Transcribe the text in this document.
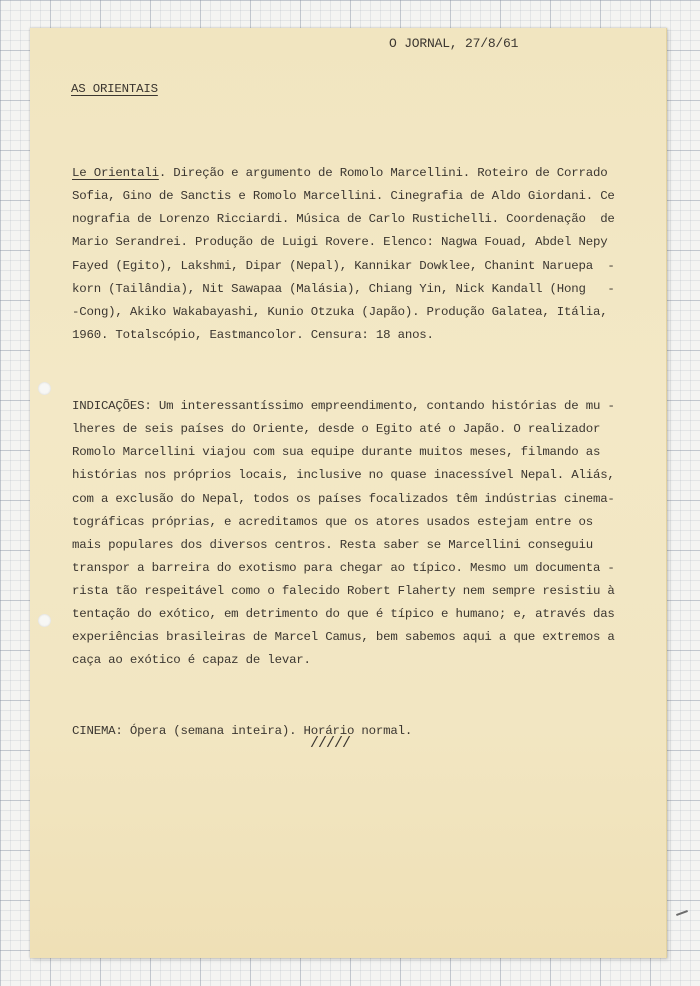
O JORNAL, 27/8/61
AS ORIENTAIS

Le Orientali. Direção e argumento de Romolo Marcellini. Roteiro de Corrado
Sofia, Gino de Sanctis e Romolo Marcellini. Cinegrafia de Aldo Giordani. Ce
nografia de Lorenzo Ricciardi. Música de Carlo Rustichelli. Coordenação  de
Mario Serandrei. Produção de Luigi Rovere. Elenco: Nagwa Fouad, Abdel Nepy
Fayed (Egito), Lakshmi, Dipar (Nepal), Kannikar Dowklee, Chanint Naruepa  -
korn (Tailândia), Nit Sawapaa (Malásia), Chiang Yin, Nick Kandall (Hong   -
-Cong), Akiko Wakabayashi, Kunio Otzuka (Japão). Produção Galatea, Itália,
1960. Totalscópio, Eastmancolor. Censura: 18 anos.

INDICAÇÕES: Um interessantíssimo empreendimento, contando histórias de mu -
lheres de seis países do Oriente, desde o Egito até o Japão. O realizador
Romolo Marcellini viajou com sua equipe durante muitos meses, filmando as
histórias nos próprios locais, inclusive no quase inacessível Nepal. Aliás,
com a exclusão do Nepal, todos os países focalizados têm indústrias cinema-
tográficas próprias, e acreditamos que os atores usados estejam entre os
mais populares dos diversos centros. Resta saber se Marcellini conseguiu
transpor a barreira do exotismo para chegar ao típico. Mesmo um documenta -
rista tão respeitável como o falecido Robert Flaherty nem sempre resistiu à
tentação do exótico, em detrimento do que é típico e humano; e, através das
experiências brasileiras de Marcel Camus, bem sabemos aqui a que extremos a
caça ao exótico é capaz de levar.

CINEMA: Ópera (semana inteira). Horário normal.

/////
